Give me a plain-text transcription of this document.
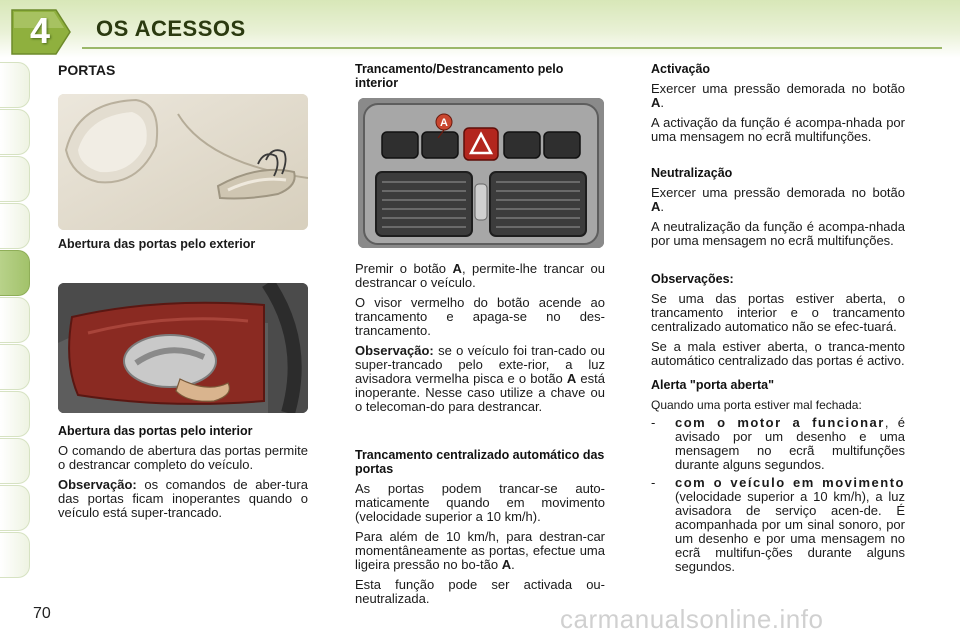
4	OS ACESSOS
PORTAS
Abertura das portas pelo exterior
Abertura das portas pelo interior

O comando de abertura das portas permite o destrancar completo do veículo.

Observação: os comandos de aber-tura das portas ficam inoperantes quando o veículo está super-trancado.

Trancamento/Destrancamento pelo interior
A

Premir o botão A, permite-lhe trancar ou destrancar o veículo.

O visor vermelho do botão acende ao trancamento e apaga-se no des-trancamento.

Observação: se o veículo foi tran-cado ou super-trancado pelo exte-rior, a luz avisadora vermelha pisca e o botão A está inoperante. Nesse caso utilize a chave ou o telecoman-do para destrancar.

Trancamento centralizado automático das portas

As portas podem trancar-se auto-maticamente quando em movimento (velocidade superior a 10 km/h).

Para além de 10 km/h, para destran-car momentâneamente as portas, efectue uma ligeira pressão no bo-tão A.

Esta função pode ser activada ou-neutralizada.

Activação

Exercer uma pressão demorada no botão A.

A activação da função é acompa-nhada por uma mensagem no ecrã multifunções.

Neutralização

Exercer uma pressão demorada no botão A.

A neutralização da função é acompa-nhada por uma mensagem no ecrã multifunções.

Observações:

Se uma das portas estiver aberta, o trancamento interior e o trancamento centralizado automatico não se efec-tuará.

Se a mala estiver aberta, o tranca-mento automático centralizado das portas é activo.

Alerta "porta aberta"

Quando uma porta estiver mal fechada:

-	com o motor a funcionar, é avisado por um desenho e uma mensagem no ecrã multifunções durante alguns segundos.
-	com o veículo em movimento (velocidade superior a 10 km/h), a luz avisadora de serviço acen-de. É acompanhada por um sinal sonoro, por um desenho e por uma mensagem no ecrã multifun-ções durante alguns segundos.
70	carmanualsonline.info
